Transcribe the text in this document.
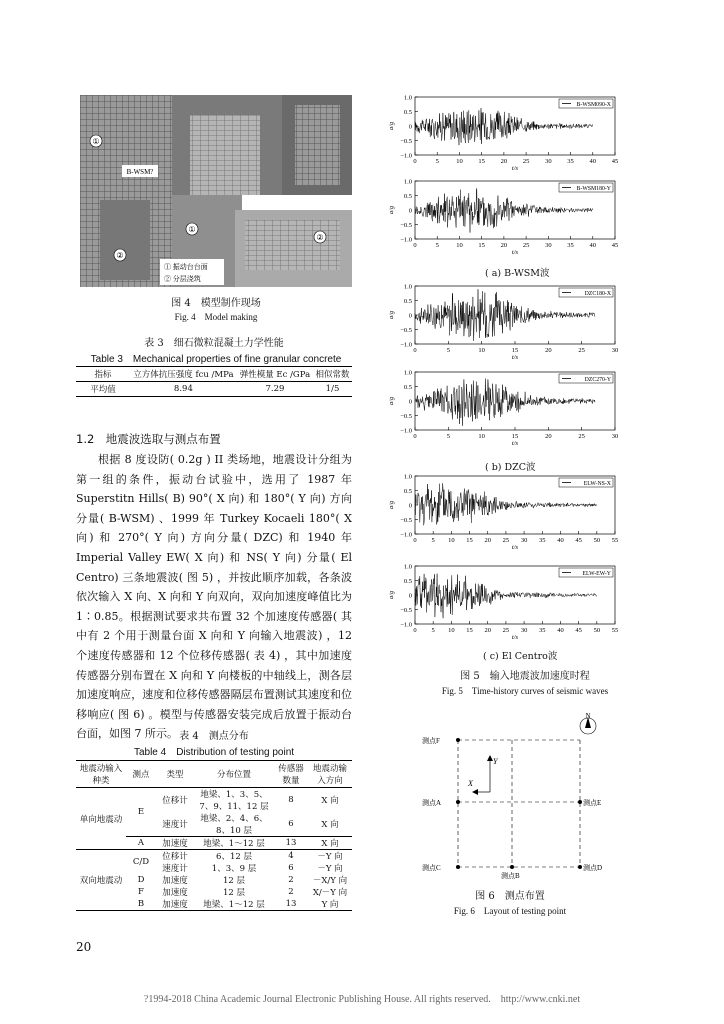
①
B-WSM?
②
①
②
① 振动台台面
② 分层浇筑
图 4　模型制作现场
Fig. 4　Model making
表 3　细石微粒混凝土力学性能
Table 3　Mechanical properties of fine granular concrete
指标	立方体抗压强度 fcu /MPa	弹性模量 Ec /GPa	相似常数
平均值	8.94	7.29	1/5
1.2　地震波选取与测点布置

根据 8 度设防( 0.2g ) II 类场地，地震设计分组为第一组的条件，振动台试验中，选用了 1987 年 Superstitn Hills( B) 90°( X 向) 和 180°( Y 向) 方向分量( B-WSM) 、1999 年 Turkey Kocaeli 180°( X 向) 和 270°( Y 向) 方向分量( DZC) 和 1940 年 Imperial Valley EW( X 向) 和 NS( Y 向) 分量( El Centro) 三条地震波( 图 5) ，并按此顺序加载，各条波依次输入 X 向、X 向和 Y 向双向，双向加速度峰值比为 1∶0.85。根据测试要求共布置 32 个加速度传感器( 其中有 2 个用于测量台面 X 向和 Y 向输入地震波) ，12 个速度传感器和 12 个位移传感器( 表 4) ，其中加速度传感器分别布置在 X 向和 Y 向楼板的中轴线上，测各层加速度响应，速度和位移传感器隔层布置测试其速度和位移响应( 图 6) 。模型与传感器安装完成后放置于振动台台面，如图 7 所示。 表 4　测点分布
Table 4　Distribution of testing point
地震动输入种类	测点	类型	分布位置	传感器数量	地震动输入方向
单向地震动	E	位移计	地梁、1、3、5、7、9、11、12 层	8	X 向
		速度计	地梁、2、4、6、8、10 层	6	X 向
	A	加速度	地梁、1～12 层	13	X 向
双向地震动	C/D	位移计	6、12 层	4	－Y 向
		速度计	1、3、9 层	6	－Y 向
	D	加速度	12 层	2	－X/Y 向
	F	加速度	12 层	2	X/－Y 向
	B	加速度	地梁、1～12 层	13	Y 向
1.0
0.5
0
−0.5
−1.0
0	5	10 15 20 25 30 35 40 45
t/s
a/g
B-WSM090-X
1.0
0.5
0
−0.5
−1.0
0	5	10 15 20 25 30 35 40 45
t/s
a/g
B-WSM180-Y
1.0
0.5
0
−0.5
−1.0
0	5	10	15	20	25	30
t/s
a/g
DZC180-X
1.0
0.5
0
−0.5
−1.0
0	5	10	15	20	25	30
t/s
a/g
DZC270-Y
1.0
0.5
0
−0.5
−1.0
0 5 10 15 20 25 30 35 40 45 50 55
t/s
a/g
ELW-NS-X
1.0
0.5
0
−0.5
−1.0
0 5 10 15 20 25 30 35 40 45 50 55
t/s
a/g
ELW-EW-Y
( a) B-WSM波
( b) DZC波
( c) El Centro波
图 5　输入地震波加速度时程
Fig. 5　Time-history curves of seismic waves
X
Y
N
测点F
测点A	测点E
测点C
测点B
测点D
图 6　测点布置
Fig. 6　Layout of testing point
20
?1994-2018 China Academic Journal Electronic Publishing House. All rights reserved.　http://www.cnki.net
